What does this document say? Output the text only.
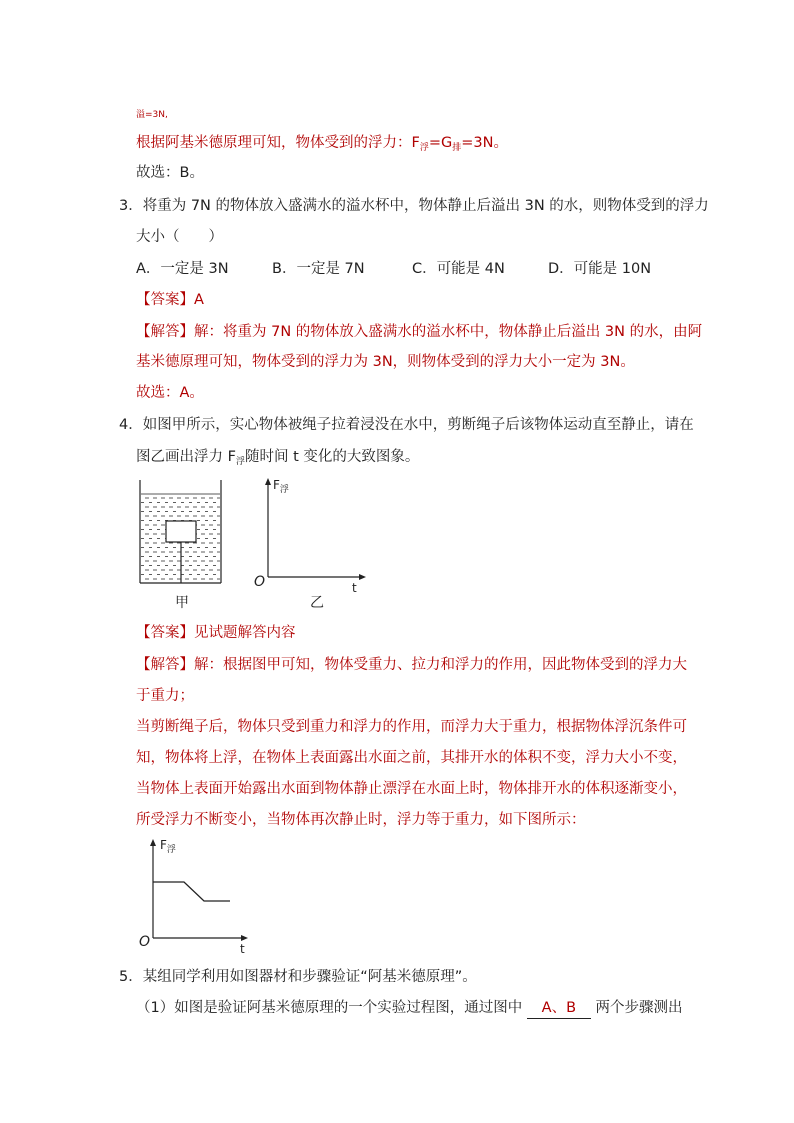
$_{溢=3N,}$
根据阿基米德原理可知，物体受到的浮力：$F_浮=G_排=3N$。
故选：B。
3．将重为 7N 的物体放入盛满水的溢水杯中，物体静止后溢出 3N 的水，则物体受到的浮力
大小（　　）
A．一定是 3N	B．一定是 7N	C．可能是 4N	D．可能是 10N
【答案】A
【解答】解：将重为 7N 的物体放入盛满水的溢水杯中，物体静止后溢出 3N 的水，由阿
基米德原理可知，物体受到的浮力为 3N，则物体受到的浮力大小一定为 3N。
故选：A。
4．如图甲所示，实心物体被绳子拉着浸没在水中，剪断绳子后该物体运动直至静止，请在
图乙画出浮力 $F_浮$随时间 t 变化的大致图象。
甲
$F_浮$
O	t
乙
【答案】见试题解答内容
【解答】解：根据图甲可知，物体受重力、拉力和浮力的作用，因此物体受到的浮力大
于重力；
当剪断绳子后，物体只受到重力和浮力的作用，而浮力大于重力，根据物体浮沉条件可
知，物体将上浮，在物体上表面露出水面之前，其排开水的体积不变，浮力大小不变，
当物体上表面开始露出水面到物体静止漂浮在水面上时，物体排开水的体积逐渐变小，
所受浮力不断变小，当物体再次静止时，浮力等于重力，如下图所示：
$F_浮$
O	t
5．某组同学利用如图器材和步骤验证“阿基米德原理”。
（1）如图是验证阿基米德原理的一个实验过程图，通过图中 A、B 两个步骤测出
